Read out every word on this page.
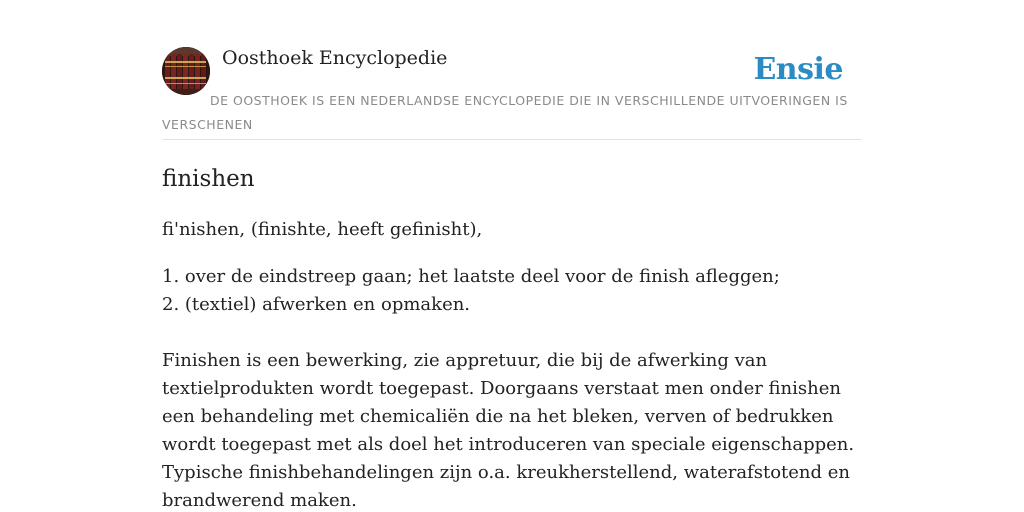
Oosthoek Encyclopedie	Ensie
DE OOSTHOEK IS EEN NEDERLANDSE ENCYCLOPEDIE DIE IN VERSCHILLENDE UITVOERINGEN IS VERSCHENEN
finishen

fi'nishen, (finishte, heeft gefinisht),

1. over de eindstreep gaan; het laatste deel voor de finish afleggen;
2. (textiel) afwerken en opmaken.

Finishen is een bewerking, zie appretuur, die bij de afwerking van textielprodukten wordt toegepast. Doorgaans verstaat men onder finishen een behandeling met chemicaliën die na het bleken, verven of bedrukken wordt toegepast met als doel het introduceren van speciale eigenschappen. Typische finishbehandelingen zijn o.a. kreukherstellend, waterafstotend en brandwerend maken.
